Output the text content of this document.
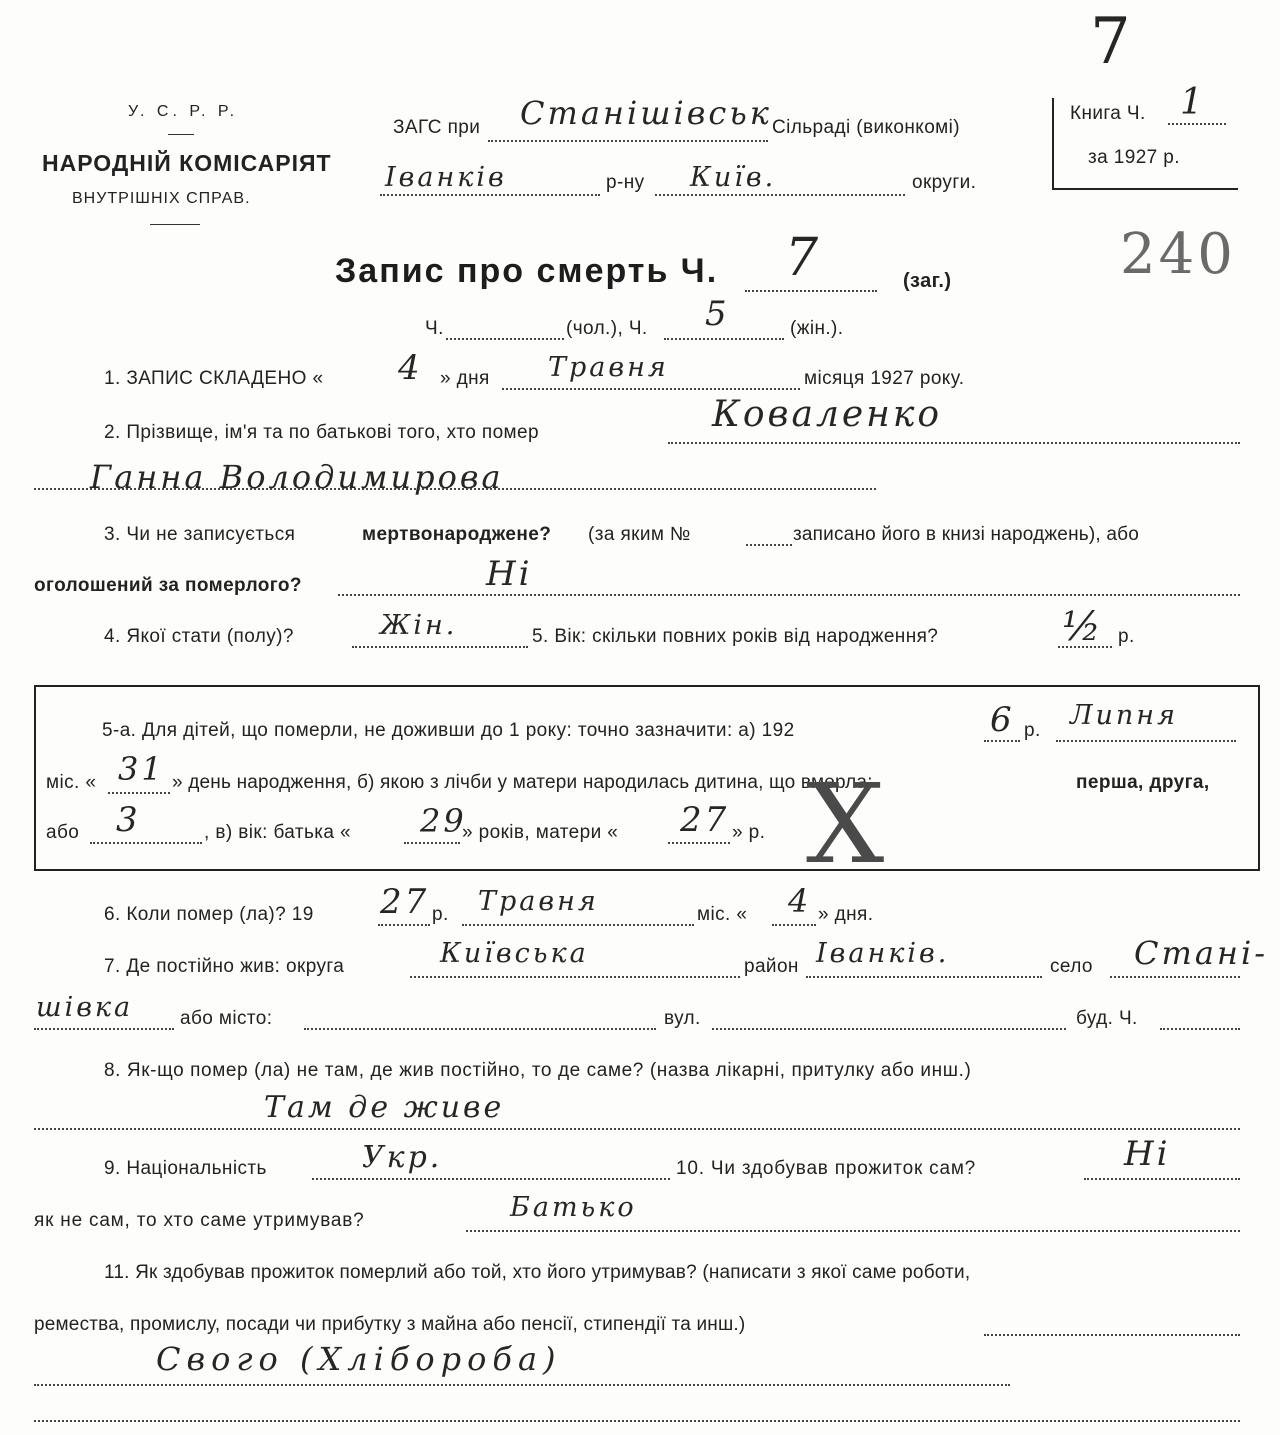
У. С. Р. Р.
НАРОДНІЙ КОМІСАРІЯТ
ВНУТРІШНІХ СПРАВ.
ЗАГС при Станішівськ Сільраді (виконкомі)
Іванків	р-ну Київ.	округи.
7
Книга Ч. 1
за 1927 р.
240
Запис про смерть Ч. 7	(заг.)
Ч.	(чол.), Ч. 5	(жін.).
1. ЗАПИС СКЛАДЕНО « 4 » дня Травня	місяця 1927 року.
2. Прізвище, ім'я та по батькові того, хто помер	Коваленко
Ганна Володимирова
3. Чи не записується	мертвонароджене? (за яким №	записано його в книзі народжень), або
оголошений за померлого?	Ні
4. Якої стати (полу)?	Жін.	5. Вік: скільки повних років від народження?	½ р.
5-а. Для дітей, що померли, не доживши до 1 року: точно зазначити: а) 192	6 р. Липня
міс. « 31 » день народження, б) якою з лічби у матери народилась дитина, що вмерла:	перша, друга,
або 3	, в) вік: батька « 29
» років, матери « 27 » р. X
6. Коли помер (ла)? 19 27 р. Травня	міс. « 4 » дня.
7. Де постійно жив: округа	Київська	район Іванків.	село Стані-
шівка або місто:	вул.	буд. Ч.
8. Як-що помер (ла) не там, де жив постійно, то де саме? (назва лікарні, притулку або инш.)
Там де живе
9. Національність	Укр.	10. Чи здобував прожиток сам?	Ні
як не сам, то хто саме утримував?	Батько
11. Як здобував прожиток померлий або той, хто його утримував? (написати з якої саме роботи,
ремества, промислу, посади чи прибутку з майна або пенсії, стипендії та инш.)
Свого (Хлібороба)
